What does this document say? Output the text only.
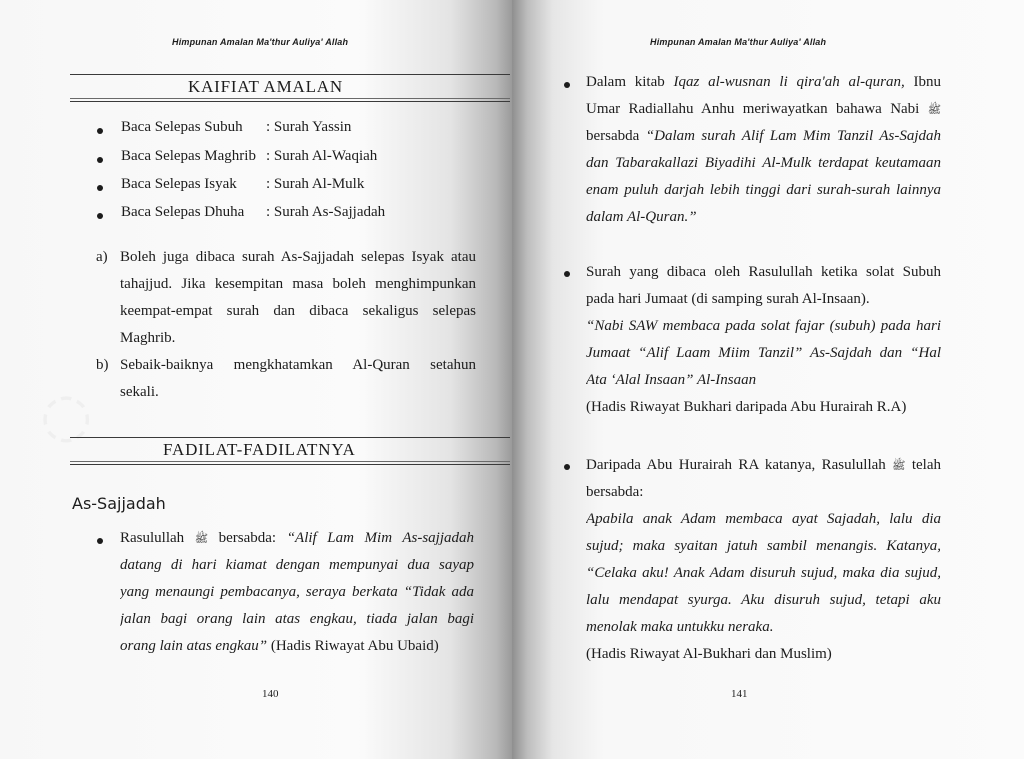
◌
Himpunan Amalan Ma'thur Auliya' Allah
KAIFIAT AMALAN
Baca Selepas Subuh : Surah Yassin
Baca Selepas Maghrib : Surah Al-Waqiah
Baca Selepas Isyak : Surah Al-Mulk
Baca Selepas Dhuha : Surah As-Sajjadah
a) Boleh juga dibaca surah As-Sajjadah selepas Isyak atau
tahajjud. Jika kesempitan masa boleh menghimpunkan
keempat-empat surah dan dibaca sekaligus selepas
Maghrib.
b) Sebaik-baiknya mengkhatamkan Al-Quran setahun
sekali.
FADILAT-FADILATNYA
As-Sajjadah
Rasulullah ﷺ bersabda: “Alif Lam Mim As-sajjadah
datang di hari kiamat dengan mempunyai dua sayap
yang menaungi pembacanya, seraya berkata “Tidak ada
jalan bagi orang lain atas engkau, tiada jalan bagi
orang lain atas engkau” (Hadis Riwayat Abu Ubaid)
140
Himpunan Amalan Ma'thur Auliya' Allah
Dalam kitab Iqaz al-wusnan li qira'ah al-quran, Ibnu
Umar Radiallahu Anhu meriwayatkan bahawa Nabi ﷺ
bersabda “Dalam surah Alif Lam Mim Tanzil As-Sajdah
dan Tabarakallazi Biyadihi Al-Mulk terdapat keutamaan
enam puluh darjah lebih tinggi dari surah-surah lainnya
dalam Al-Quran.”
Surah yang dibaca oleh Rasulullah ketika solat Subuh
pada hari Jumaat (di samping surah Al-Insaan).
“Nabi SAW membaca pada solat fajar (subuh) pada hari
Jumaat “Alif Laam Miim Tanzil” As-Sajdah dan “Hal
Ata ‘Alal Insaan” Al-Insaan
(Hadis Riwayat Bukhari daripada Abu Hurairah R.A)
Daripada Abu Hurairah RA katanya, Rasulullah ﷺ telah
bersabda:
Apabila anak Adam membaca ayat Sajadah, lalu dia
sujud; maka syaitan jatuh sambil menangis. Katanya,
“Celaka aku! Anak Adam disuruh sujud, maka dia sujud,
lalu mendapat syurga. Aku disuruh sujud, tetapi aku
menolak maka untukku neraka.
(Hadis Riwayat Al-Bukhari dan Muslim)
141
